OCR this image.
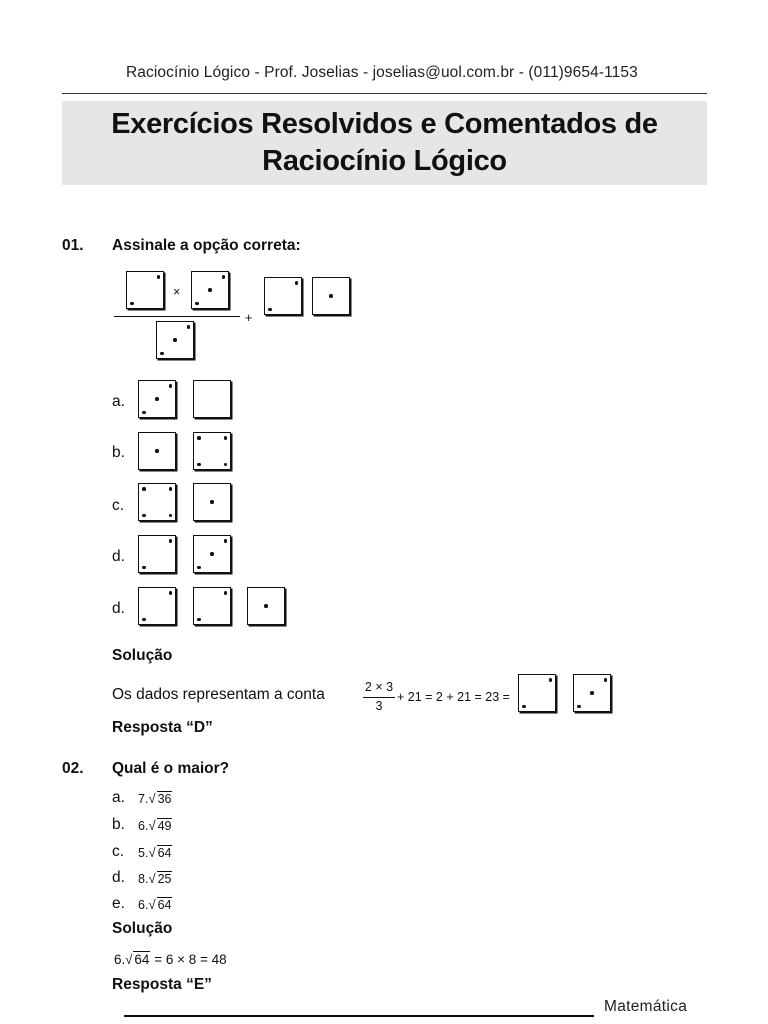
Raciocínio Lógico - Prof. Joselias - joselias@uol.com.br - (011)9654-1153
Exercícios Resolvidos e Comentados de
Raciocínio Lógico
01. Assinale a opção correta:
×
+
a.
b.
c.
d.
d.
Solução
Os dados representam a conta	2 × 3
3
+ 21 = 2 + 21 = 23 =
Resposta “D”
02. Qual é o maior?
a. 7.√ 36
b. 6.√ 49
c. 5.√ 64
d. 8.√ 25
e. 6.√ 64
Solução
6.√ 64 = 6 × 8 = 48
Resposta “E”
Matemática
